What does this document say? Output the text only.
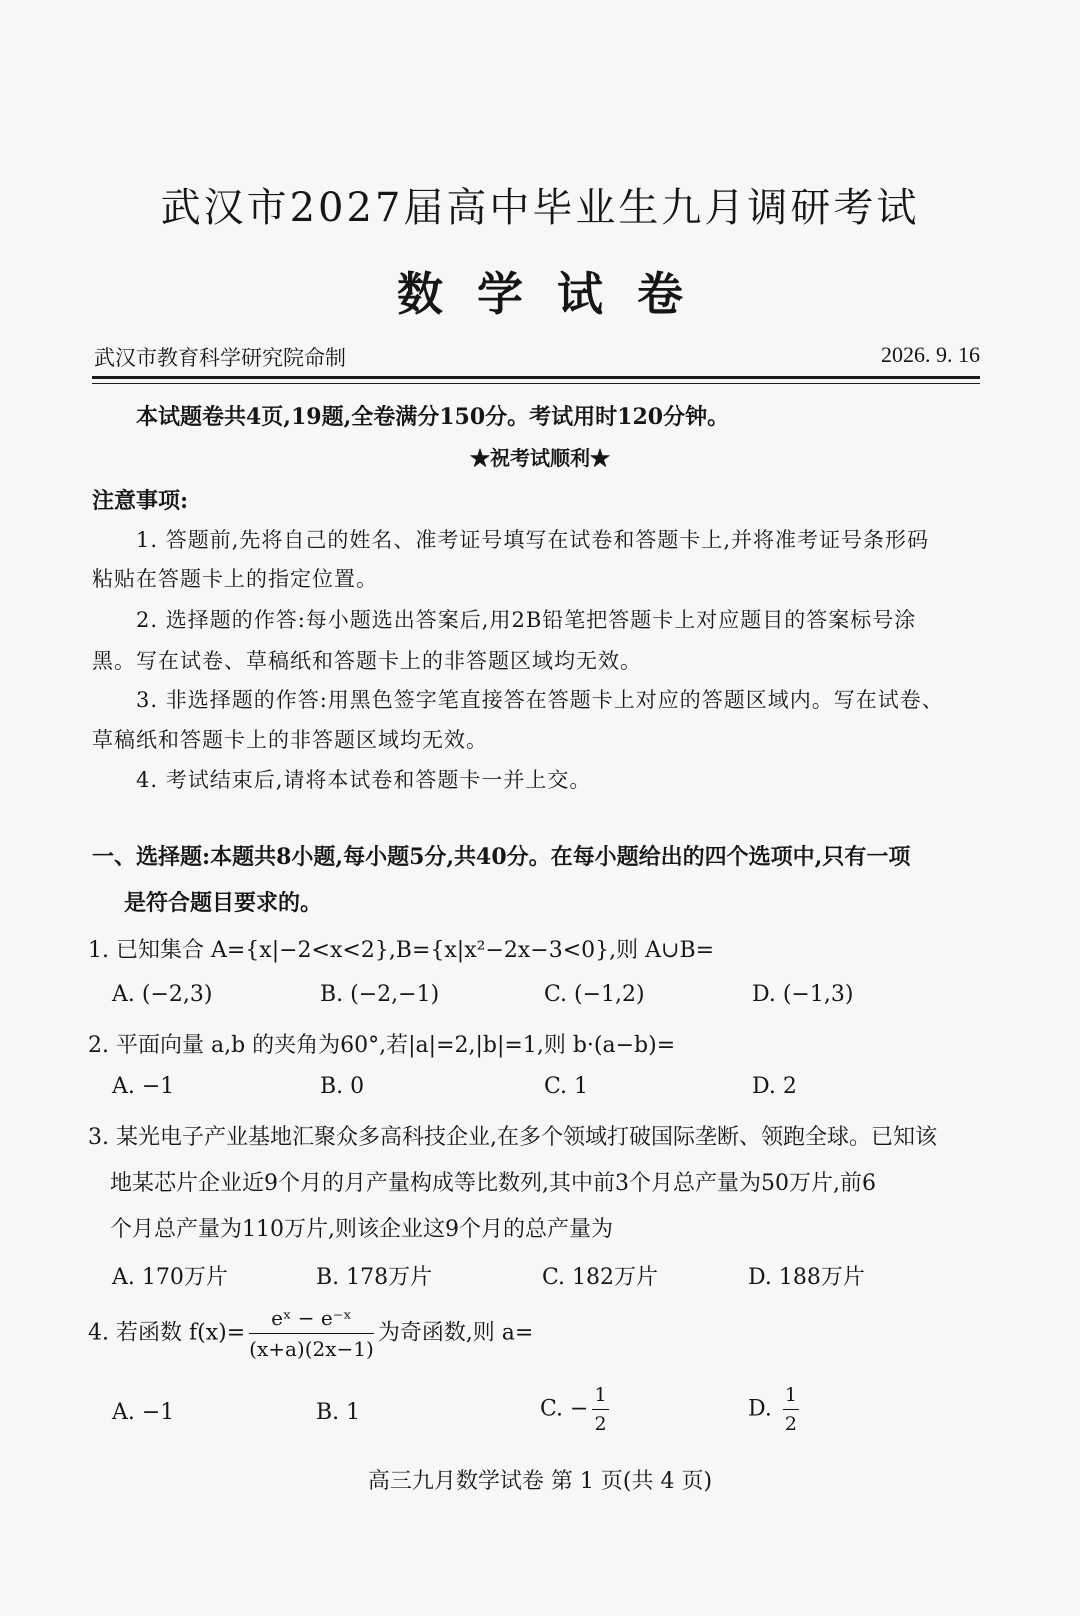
武汉市2027届高中毕业生九月调研考试
数学试卷
武汉市教育科学研究院命制	2026. 9. 16
本试题卷共4页,19题,全卷满分150分。考试用时120分钟。
★祝考试顺利★
注意事项:
1. 答题前,先将自己的姓名、准考证号填写在试卷和答题卡上,并将准考证号条形码
粘贴在答题卡上的指定位置。
2. 选择题的作答:每小题选出答案后,用2B铅笔把答题卡上对应题目的答案标号涂
黑。写在试卷、草稿纸和答题卡上的非答题区域均无效。
3. 非选择题的作答:用黑色签字笔直接答在答题卡上对应的答题区域内。写在试卷、
草稿纸和答题卡上的非答题区域均无效。
4. 考试结束后,请将本试卷和答题卡一并上交。
一、选择题:本题共8小题,每小题5分,共40分。在每小题给出的四个选项中,只有一项
是符合题目要求的。
1. 已知集合 A={x|−2<x<2},B={x|x²−2x−3<0},则 A∪B=
A. (−2,3)	B. (−2,−1)	C. (−1,2)	D. (−1,3)
2. 平面向量 a,b 的夹角为60°,若|a|=2,|b|=1,则 b·(a−b)=
A. −1	B. 0	C. 1	D. 2
3. 某光电子产业基地汇聚众多高科技企业,在多个领域打破国际垄断、领跑全球。已知该
地某芯片企业近9个月的月产量构成等比数列,其中前3个月总产量为50万片,前6
个月总产量为110万片,则该企业这9个月的总产量为
A. 170万片	B. 178万片	C. 182万片	D. 188万片
4. 若函数 $f(x)= \frac{\text{eˣ − e⁻ˣ}}{(x+a)(2x-1)}$ 为奇函数,则 a=
A. −1	B. 1	C. − $\frac{1}{2}$	D. $\frac{1}{2}$
高三九月数学试卷 第 1 页(共 4 页)
